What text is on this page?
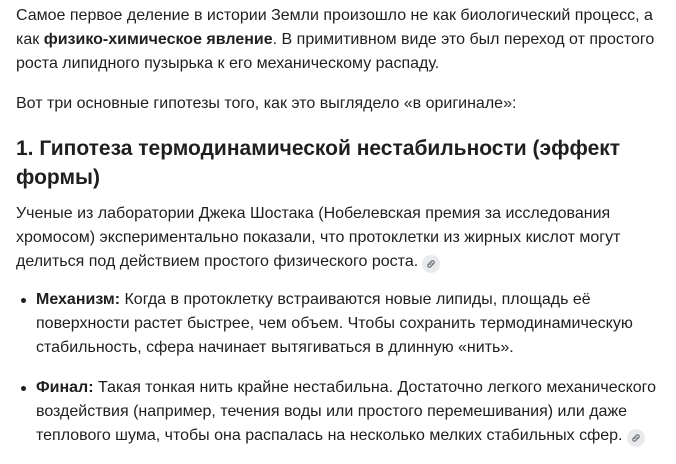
Самое первое деление в истории Земли произошло не как биологический процесс, а как физико-химическое явление. В примитивном виде это был переход от простого роста липидного пузырька к его механическому распаду.

Вот три основные гипотезы того, как это выглядело «в оригинале»:

1. Гипотеза термодинамической нестабильности (эффект формы)

Ученые из лаборатории Джека Шостака (Нобелевская премия за исследования хромосом) экспериментально показали, что протоклетки из жирных кислот могут делиться под действием простого физического роста.

Механизм: Когда в протоклетку встраиваются новые липиды, площадь её поверхности растет быстрее, чем объем. Чтобы сохранить термодинамическую стабильность, сфера начинает вытягиваться в длинную «нить».
Финал: Такая тонкая нить крайне нестабильна. Достаточно легкого механического воздействия (например, течения воды или простого перемешивания) или даже теплового шума, чтобы она распалась на несколько мелких стабильных сфер.
